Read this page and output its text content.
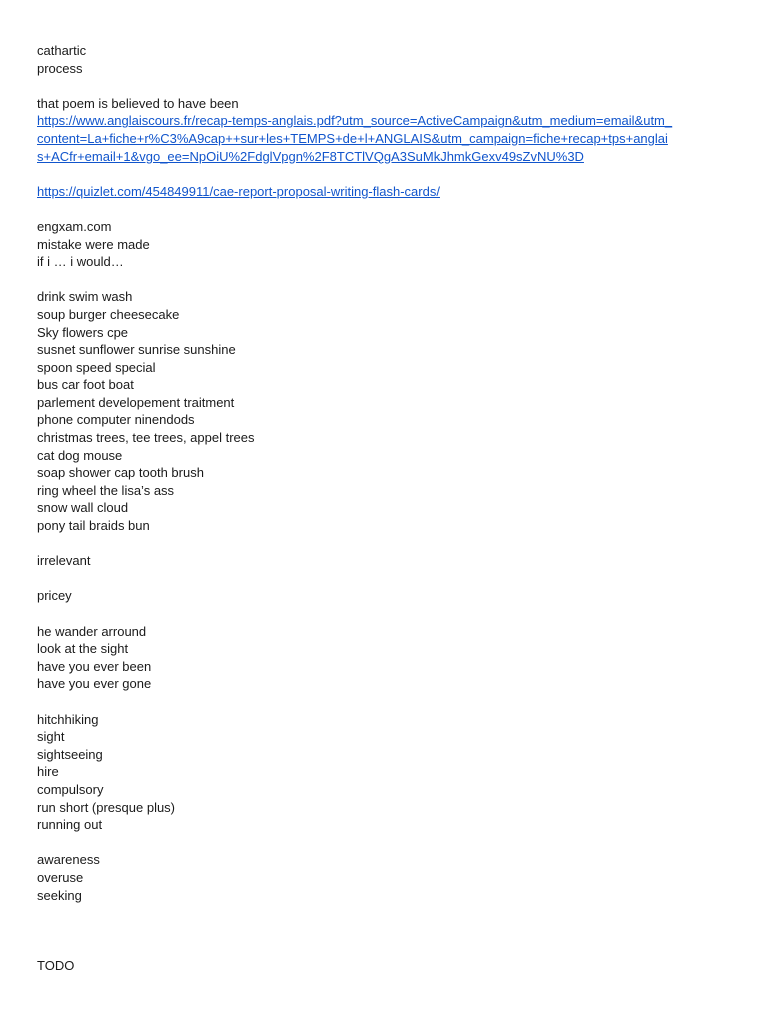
cathartic
process
that poem is believed to have been
https://www.anglaiscours.fr/recap-temps-anglais.pdf?utm_source=ActiveCampaign&utm_medium=email&utm_
content=La+fiche+r%C3%A9cap++sur+les+TEMPS+de+l+ANGLAIS&utm_campaign=fiche+recap+tps+anglai
s+ACfr+email+1&vgo_ee=NpOiU%2FdglVpgn%2F8TCTlVQgA3SuMkJhmkGexv49sZvNU%3D
https://quizlet.com/454849911/cae-report-proposal-writing-flash-cards/
engxam.com
mistake were made
if i … i would…
drink swim wash
soup burger cheesecake
Sky flowers cpe
susnet sunflower sunrise sunshine
spoon speed special
bus car foot boat
parlement developement traitment
phone computer ninendods
christmas trees, tee trees, appel trees
cat dog mouse
soap shower cap tooth brush
ring wheel the lisa’s ass
snow wall cloud
pony tail braids bun
irrelevant
pricey
he wander arround
look at the sight
have you ever been
have you ever gone
hitchhiking
sight
sightseeing
hire
compulsory
run short (presque plus)
running out
awareness
overuse
seeking
TODO
